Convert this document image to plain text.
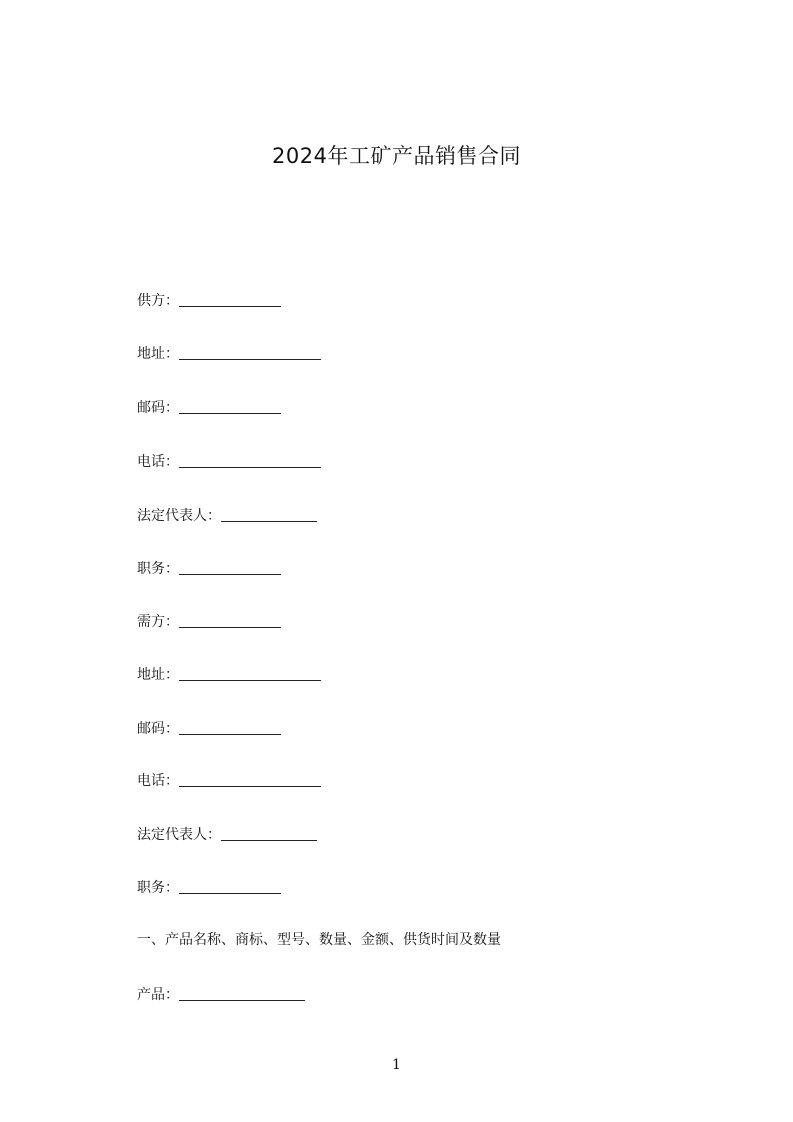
2024年工矿产品销售合同
供方：
地址：
邮码：
电话：
法定代表人：
职务：
需方：
地址：
邮码：
电话：
法定代表人：
职务：
一、产品名称、商标、型号、数量、金额、供货时间及数量
产品：
1
